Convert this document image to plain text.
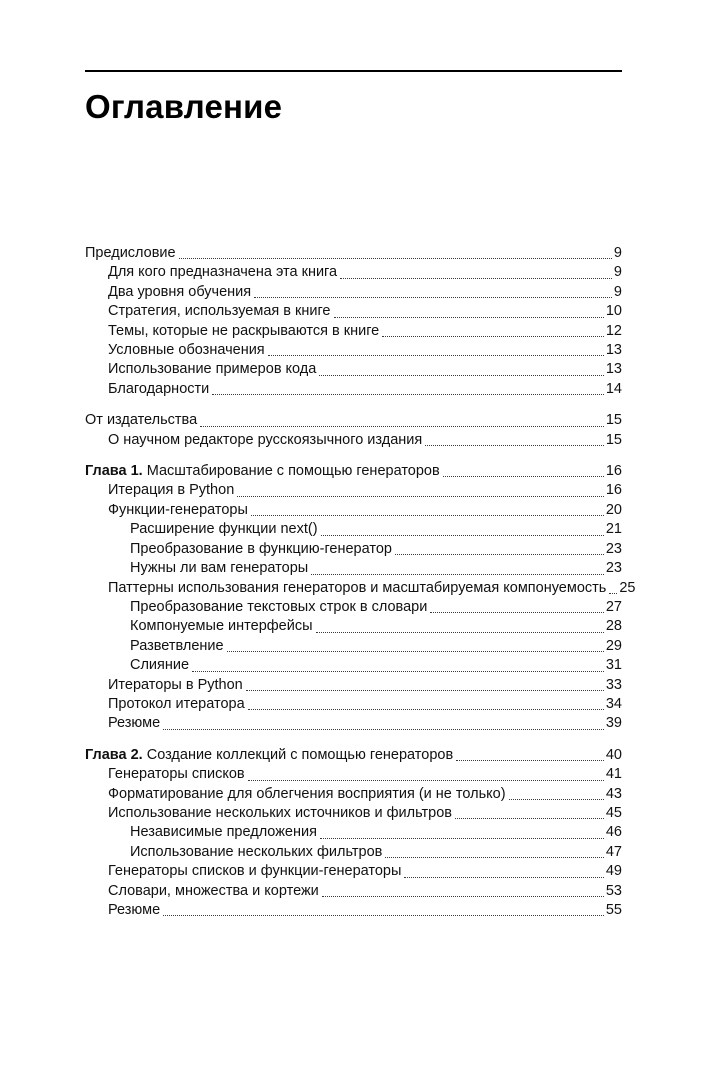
Оглавление
Предисловие	9
Для кого предназначена эта книга	9
Два уровня обучения	9
Стратегия, используемая в книге	10
Темы, которые не раскрываются в книге	12
Условные обозначения	13
Использование примеров кода	13
Благодарности	14
От издательства	15
О научном редакторе русскоязычного издания	15
Глава 1. Масштабирование с помощью генераторов	16
Итерация в Python	16
Функции-генераторы	20
Расширение функции next()	21
Преобразование в функцию-генератор	23
Нужны ли вам генераторы	23
Паттерны использования генераторов и масштабируемая компонуемость 25
Преобразование текстовых строк в словари	27
Компонуемые интерфейсы	28
Разветвление	29
Слияние	31
Итераторы в Python	33
Протокол итератора	34
Резюме	39
Глава 2. Создание коллекций с помощью генераторов	40
Генераторы списков	41
Форматирование для облегчения восприятия (и не только)	43
Использование нескольких источников и фильтров	45
Независимые предложения	46
Использование нескольких фильтров	47
Генераторы списков и функции-генераторы	49
Словари, множества и кортежи	53
Резюме	55
